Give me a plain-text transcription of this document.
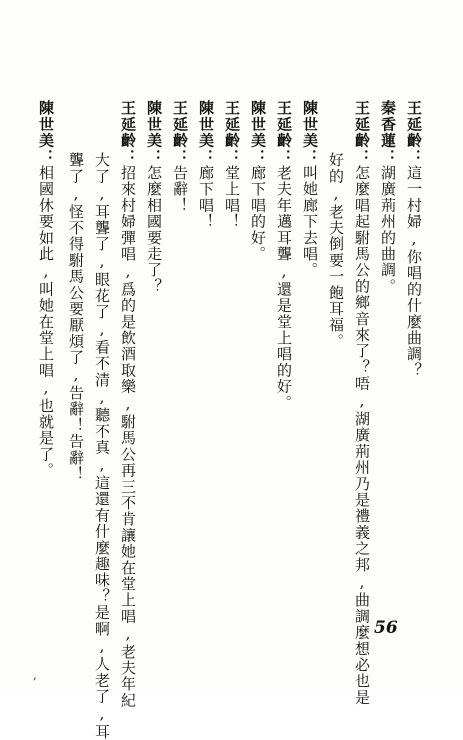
王延齡：這一村婦,你唱的什麼曲調？
秦香蓮：湖廣荊州的曲調。
王延齡：怎麼唱起駙馬公的鄉音來了？唔,湖廣荊州乃是禮義之邦,曲調麼想必也是
好的,老夫倒要一飽耳福。
陳世美：叫她廊下去唱。
王延齡：老夫年邁耳聾,還是堂上唱的好。
陳世美：廊下唱的好。
王延齡：堂上唱！
陳世美：廊下唱！
王延齡：告辭！
陳世美：怎麼相國要走了？
王延齡：招來村婦彈唱,爲的是飲酒取樂,駙馬公再三不肯讓她在堂上唱,老夫年紀
大了,耳聾了,眼花了,看不清,聽不真,這還有什麼趣味？是啊,人老了,耳
聾了,怪不得駙馬公要厭煩了,告辭！告辭！
陳世美：相國休要如此,叫她在堂上唱,也就是了。
56
,
